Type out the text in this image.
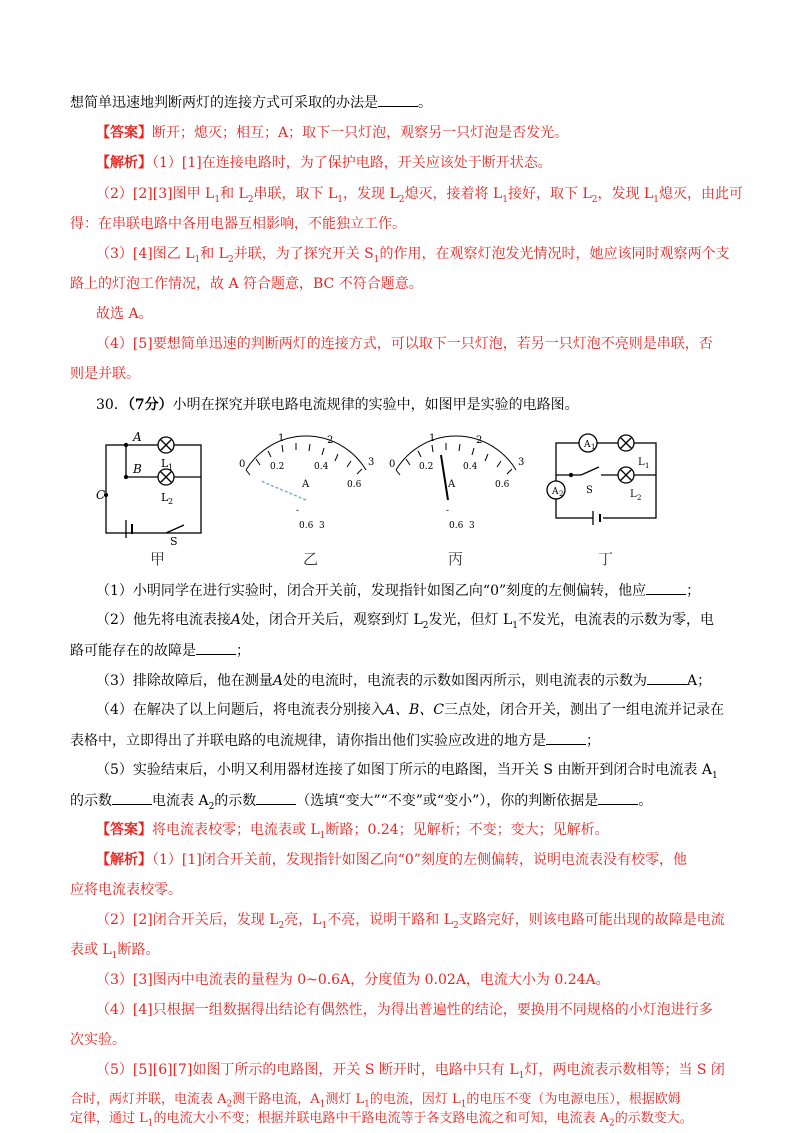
想简单迅速地判断两灯的连接方式可采取的办法是	。
【答案】断开；熄灭；相互；A；取下一只灯泡，观察另一只灯泡是否发光。
【解析】（1）[1]在连接电路时，为了保护电路，开关应该处于断开状态。
（2）[2][3]图甲 $L_1$和 $L_2$串联，取下 $L_1$，发现 $L_2$熄灭，接着将 $L_1$接好，取下 $L_2$，发现 $L_1$熄灭，由此可
得：在串联电路中各用电器互相影响，不能独立工作。
（3）[4]图乙 $L_1$和 $L_2$并联，为了探究开关 $S_1$的作用，在观察灯泡发光情况时，她应该同时观察两个支
路上的灯泡工作情况，故 A 符合题意，BC 不符合题意。
故选 A。
（4）[5]要想简单迅速的判断两灯的连接方式，可以取下一只灯泡，若另一只灯泡不亮则是串联，否
则是并联。
30．（7分）小明在探究并联电路电流规律的实验中，如图甲是实验的电路图。
A
B
C
L 1
L 2
S
0
1	2
3
0.2	0.4
0.6
A
-
0.6 3
0
1	2
3
0.2	0.4
0.6
A
-
0.6 3
A 1
A 2
L 1
L 2
S
甲	乙	丙	丁
（1）小明同学在进行实验时，闭合开关前，发现指针如图乙向“0”刻度的左侧偏转，他应	；
（2）他先将电流表接A处，闭合开关后，观察到灯 $L_2$发光，但灯 $L_1$不发光，电流表的示数为零，电
路可能存在的故障是	；
（3）排除故障后，他在测量A处的电流时，电流表的示数如图丙所示，则电流表的示数为	A；
（4）在解决了以上问题后，将电流表分别接入A、B、C三点处，闭合开关，测出了一组电流并记录在
表格中，立即得出了并联电路的电流规律，请你指出他们实验应改进的地方是	；
（5）实验结束后，小明又利用器材连接了如图丁所示的电路图，当开关 S 由断开到闭合时电流表 $A_1$
的示数	电流表 $A_2$的示数	（选填“变大”“不变”或“变小”），你的判断依据是	。
【答案】将电流表校零；电流表或 $L_1$断路；0.24；见解析；不变；变大；见解析。
【解析】（1）[1]闭合开关前，发现指针如图乙向“0”刻度的左侧偏转，说明电流表没有校零，他
应将电流表校零。
（2）[2]闭合开关后，发现 $L_2$亮，$L_1$不亮，说明干路和 $L_2$支路完好，则该电路可能出现的故障是电流
表或 $L_1$断路。
（3）[3]图丙中电流表的量程为 0~0.6A，分度值为 0.02A，电流大小为 0.24A。
（4）[4]只根据一组数据得出结论有偶然性，为得出普遍性的结论，要换用不同规格的小灯泡进行多
次实验。
（5）[5][6][7]如图丁所示的电路图，开关 S 断开时，电路中只有 $L_1$灯，两电流表示数相等；当 S 闭
合时，两灯并联，电流表 $A_2$测干路电流，$A_1$测灯 $L_1$的电流，因灯 $L_1$的电压不变（为电源电压），根据欧姆
定律，通过 $L_1$的电流大小不变；根据并联电路中干路电流等于各支路电流之和可知，电流表 $A_2$的示数变大。
